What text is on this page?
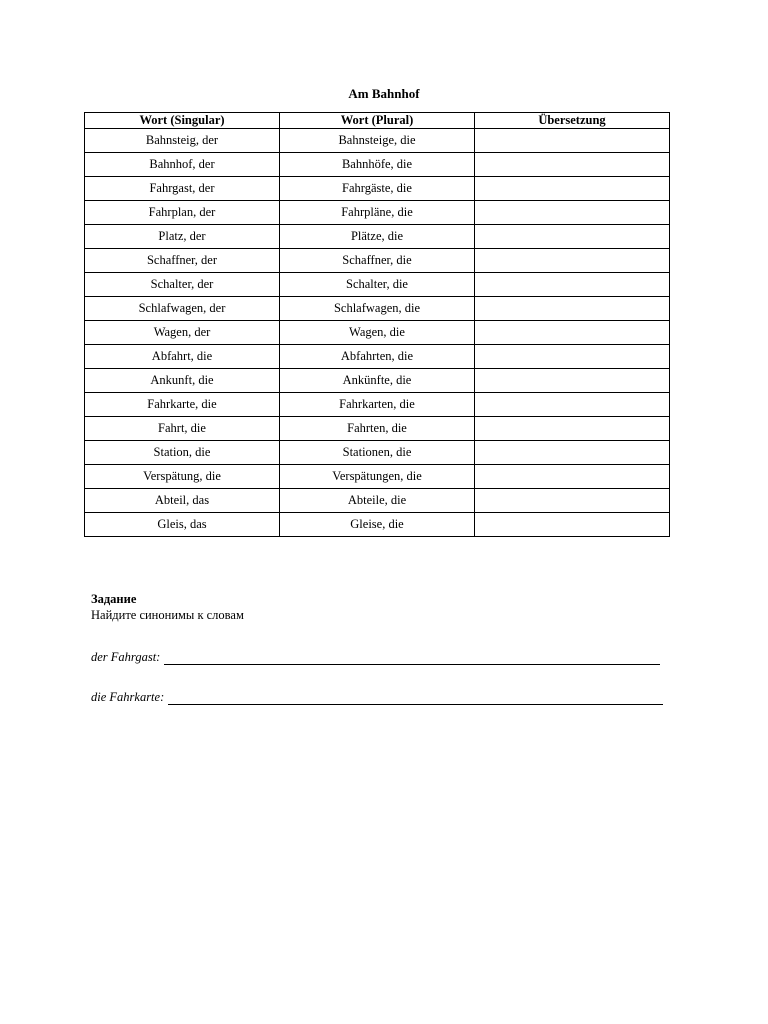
Am Bahnhof
Wort (Singular)	Wort (Plural)	Übersetzung
Bahnsteig, der	Bahnsteige, die	
Bahnhof, der	Bahnhöfe, die	
Fahrgast, der	Fahrgäste, die	
Fahrplan, der	Fahrpläne, die	
Platz, der	Plätze, die	
Schaffner, der	Schaffner, die	
Schalter, der	Schalter, die	
Schlafwagen, der	Schlafwagen, die	
Wagen, der	Wagen, die	
Abfahrt, die	Abfahrten, die	
Ankunft, die	Ankünfte, die	
Fahrkarte, die	Fahrkarten, die	
Fahrt, die	Fahrten, die	
Station, die	Stationen, die	
Verspätung, die	Verspätungen, die	
Abteil, das	Abteile, die	
Gleis, das	Gleise, die	
Задание
Найдите синонимы к словам
der Fahrgast:
die Fahrkarte:
